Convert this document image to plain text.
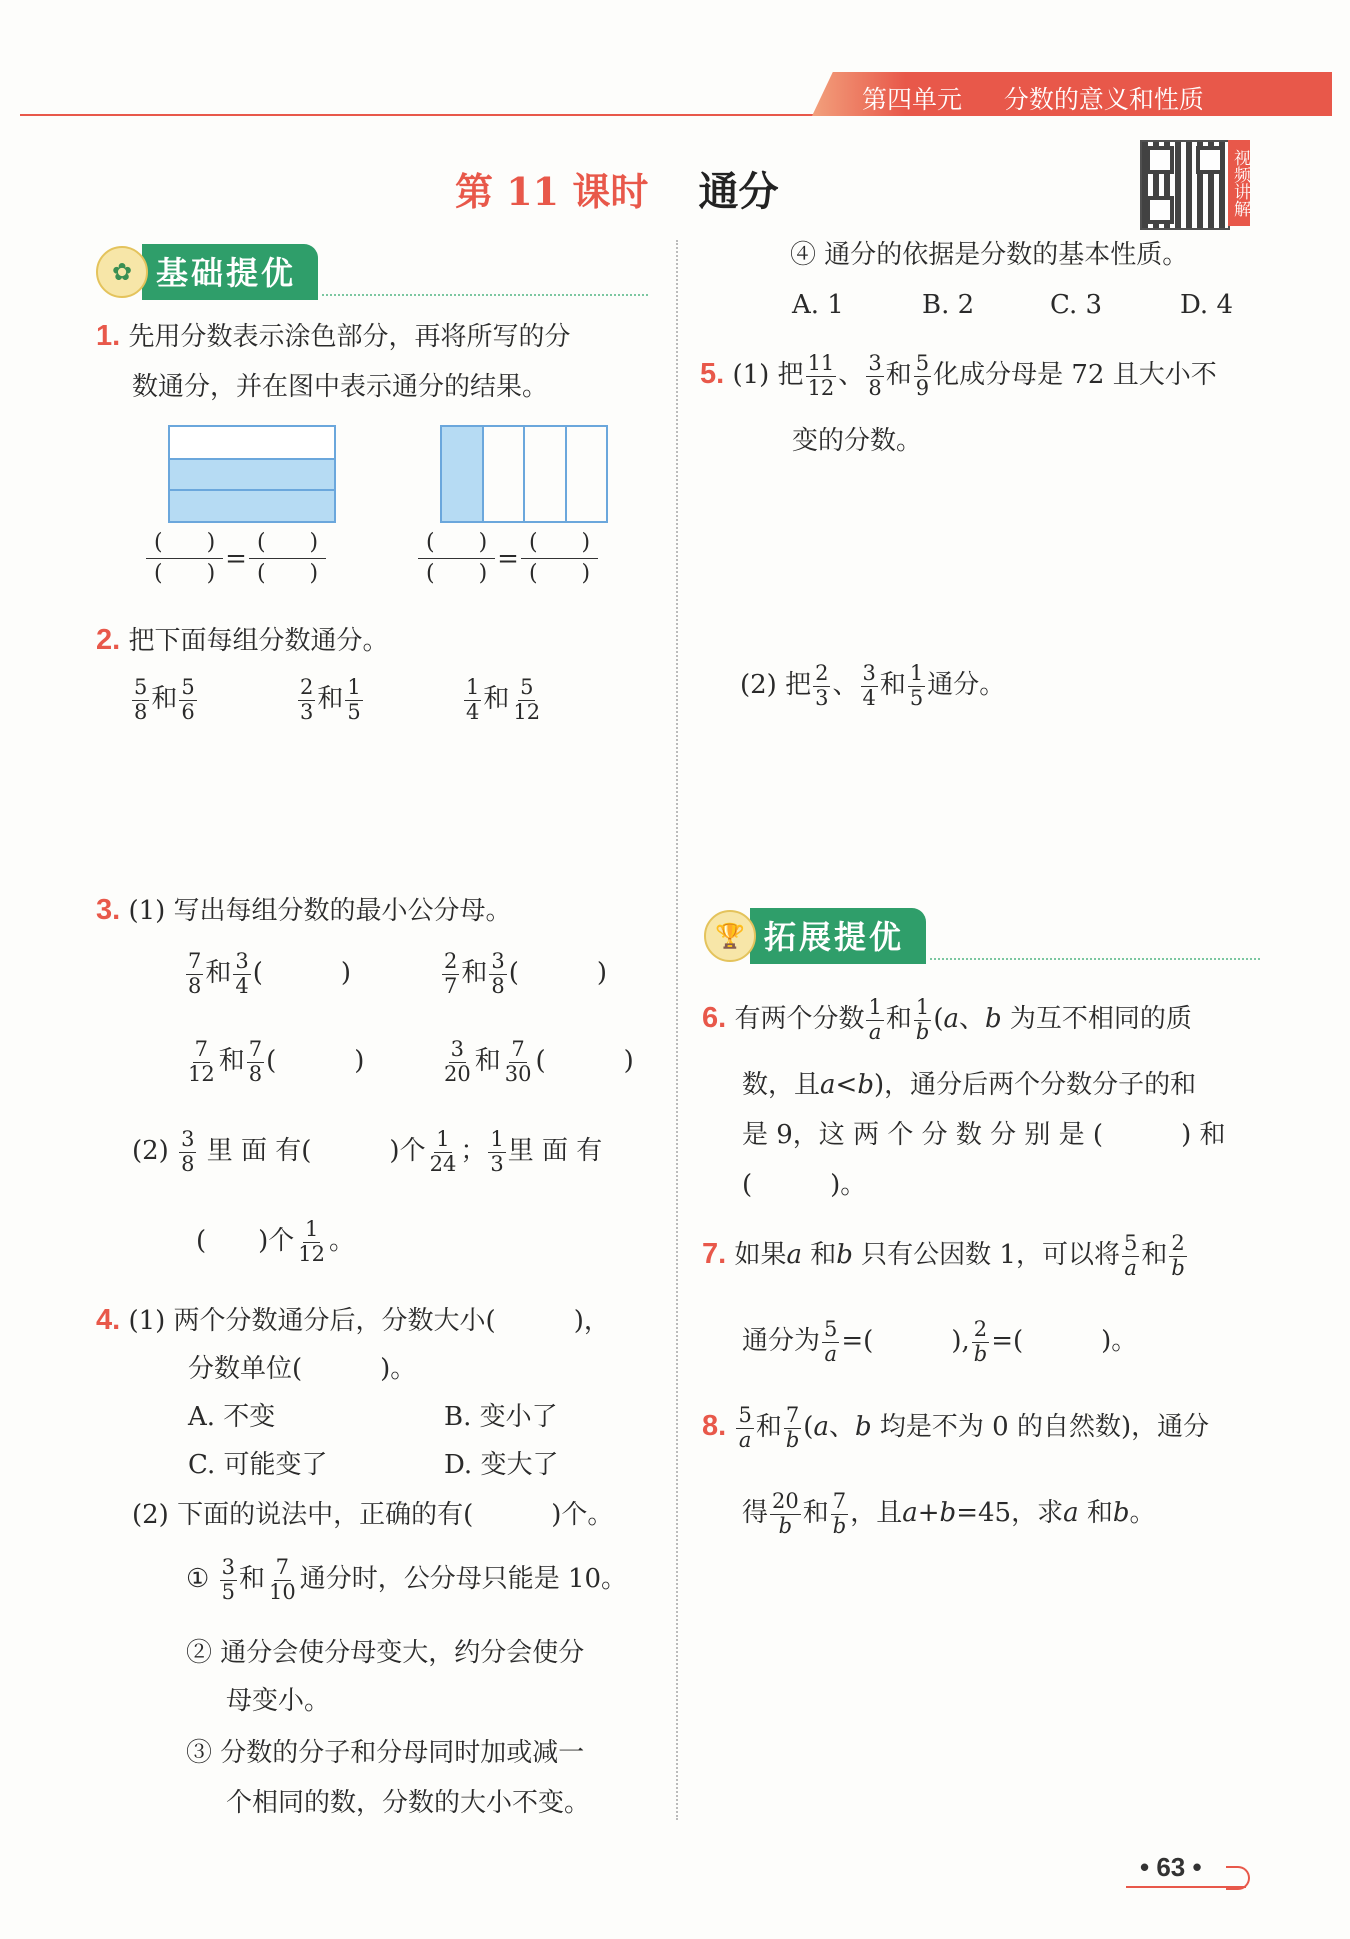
第四单元 分数的意义和性质
第 11 课时 通分	视频讲解
✿ 基础提优
1. 先用分数表示涂色部分，再将所写的分
数通分，并在图中表示通分的结果。
$\frac{( )}{( )} = \frac{( )}{( )}$	$\frac{( )}{( )} = \frac{( )}{( )}$
2. 把下面每组分数通分。
$\frac{5}{8}$ 和 $\frac{5}{6}$	$\frac{2}{3}$ 和 $\frac{1}{5}$	$\frac{1}{4}$ 和 $\frac{5}{12}$
3. (1) 写出每组分数的最小公分母。
$\frac{7}{8}$ 和 $\frac{3}{4}$ (　　　)	$\frac{2}{7}$ 和 $\frac{3}{8}$ (　　　)
$\frac{7}{12}$ 和 $\frac{7}{8}$ (　　　)	$\frac{3}{20}$ 和 $\frac{7}{30}$ (　　　)
$(2) \frac{3}{8}$ 里 面 有(　　　)个 $\frac{1}{24}$ ； $\frac{1}{3}$ 里 面 有
(　　)个 $\frac{1}{12}$ 。
4. (1) 两个分数通分后，分数大小(　　　)，
分数单位(　　　)。
A. 不变	B. 变小了
C. 可能变了	D. 变大了
(2) 下面的说法中，正确的有(　　　)个。
① $\frac{3}{5}$ 和 $\frac{7}{10}$ 通分时，公分母只能是 10。
② 通分会使分母变大，约分会使分
母变小。
③ 分数的分子和分母同时加或减一
个相同的数，分数的大小不变。
④ 通分的依据是分数的基本性质。
A. 1	B. 2	C. 3	D. 4
5. (1) 把 $\frac{11}{12}$ 、 $\frac{3}{8}$ 和 $\frac{5}{9}$ 化成分母是 72 且大小不
变的分数。
(2) 把 $\frac{2}{3}$ 、 $\frac{3}{4}$ 和 $\frac{1}{5}$ 通分。
🏆 拓展提优
6. 有两个分数 $\frac{1}{a}$ 和 $\frac{1}{b} (a$、b 为互不相同的质
数，且a<b)，通分后两个分数分子的和
是 9，这 两 个 分 数 分 别 是 (　　　) 和
(　　　)。
7. 如果a 和b 只有公因数 1，可以将 $\frac{5}{a}$ 和 $\frac{2}{b}$
通分为 $\frac{5}{a}$ =(　　　), $\frac{2}{b}$ =(　　　)。
8. $\frac{5}{a}$ 和 $\frac{7}{b} (a$、b 均是不为 0 的自然数)，通分
得 $\frac{20}{b}$ 和 $\frac{7}{b}$ ，且a+b=45，求a 和b。
• 63 •
